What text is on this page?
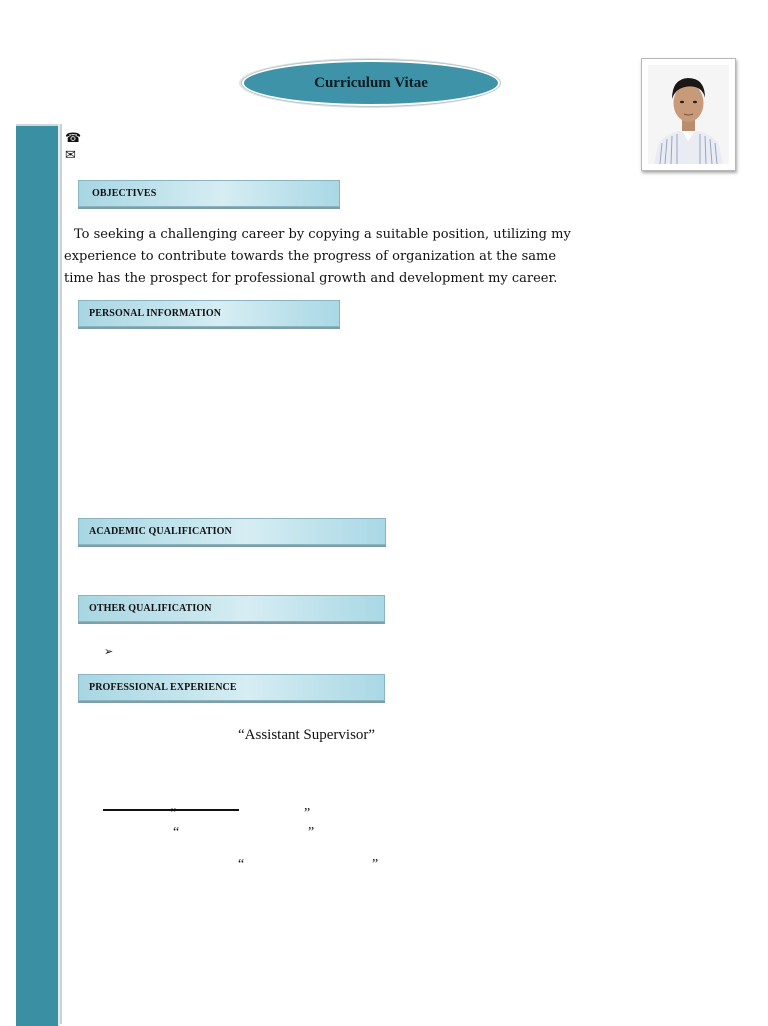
Curriculum Vitae
☎
✉
OBJECTIVES
To seeking a challenging career by copying a suitable position, utilizing my experience to contribute towards the progress of organization at the same time has the prospect for professional growth and development my career.
PERSONAL INFORMATION
ACADEMIC QUALIFICATION
OTHER QUALIFICATION
➢
PROFESSIONAL EXPERIENCE
“Assistant Supervisor”
“	”
“	”
“	”
